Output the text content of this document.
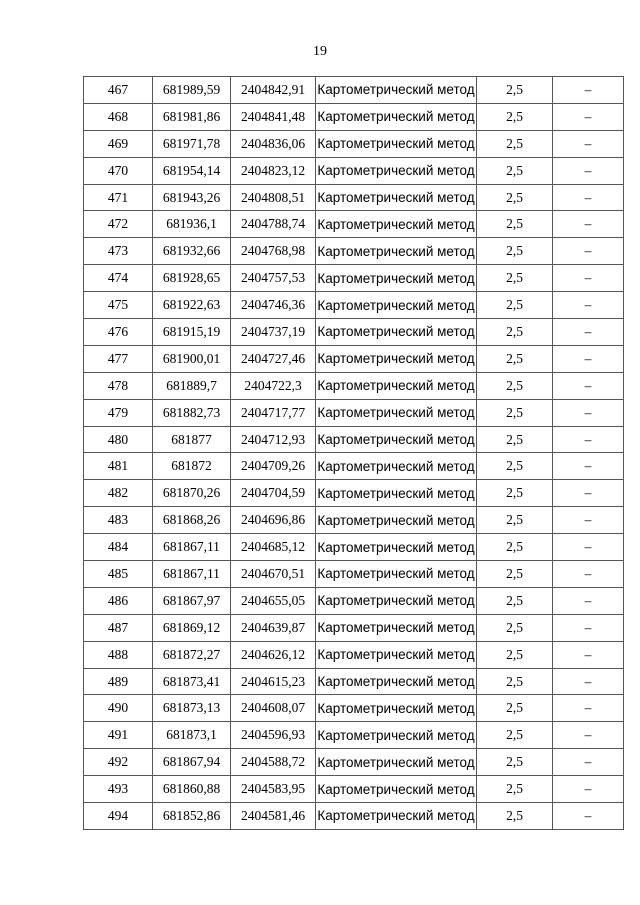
19
467	681989,59	2404842,91	Картометрический метод	2,5	–
468	681981,86	2404841,48	Картометрический метод	2,5	–
469	681971,78	2404836,06	Картометрический метод	2,5	–
470	681954,14	2404823,12	Картометрический метод	2,5	–
471	681943,26	2404808,51	Картометрический метод	2,5	–
472	681936,1	2404788,74	Картометрический метод	2,5	–
473	681932,66	2404768,98	Картометрический метод	2,5	–
474	681928,65	2404757,53	Картометрический метод	2,5	–
475	681922,63	2404746,36	Картометрический метод	2,5	–
476	681915,19	2404737,19	Картометрический метод	2,5	–
477	681900,01	2404727,46	Картометрический метод	2,5	–
478	681889,7	2404722,3	Картометрический метод	2,5	–
479	681882,73	2404717,77	Картометрический метод	2,5	–
480	681877	2404712,93	Картометрический метод	2,5	–
481	681872	2404709,26	Картометрический метод	2,5	–
482	681870,26	2404704,59	Картометрический метод	2,5	–
483	681868,26	2404696,86	Картометрический метод	2,5	–
484	681867,11	2404685,12	Картометрический метод	2,5	–
485	681867,11	2404670,51	Картометрический метод	2,5	–
486	681867,97	2404655,05	Картометрический метод	2,5	–
487	681869,12	2404639,87	Картометрический метод	2,5	–
488	681872,27	2404626,12	Картометрический метод	2,5	–
489	681873,41	2404615,23	Картометрический метод	2,5	–
490	681873,13	2404608,07	Картометрический метод	2,5	–
491	681873,1	2404596,93	Картометрический метод	2,5	–
492	681867,94	2404588,72	Картометрический метод	2,5	–
493	681860,88	2404583,95	Картометрический метод	2,5	–
494	681852,86	2404581,46	Картометрический метод	2,5	–
